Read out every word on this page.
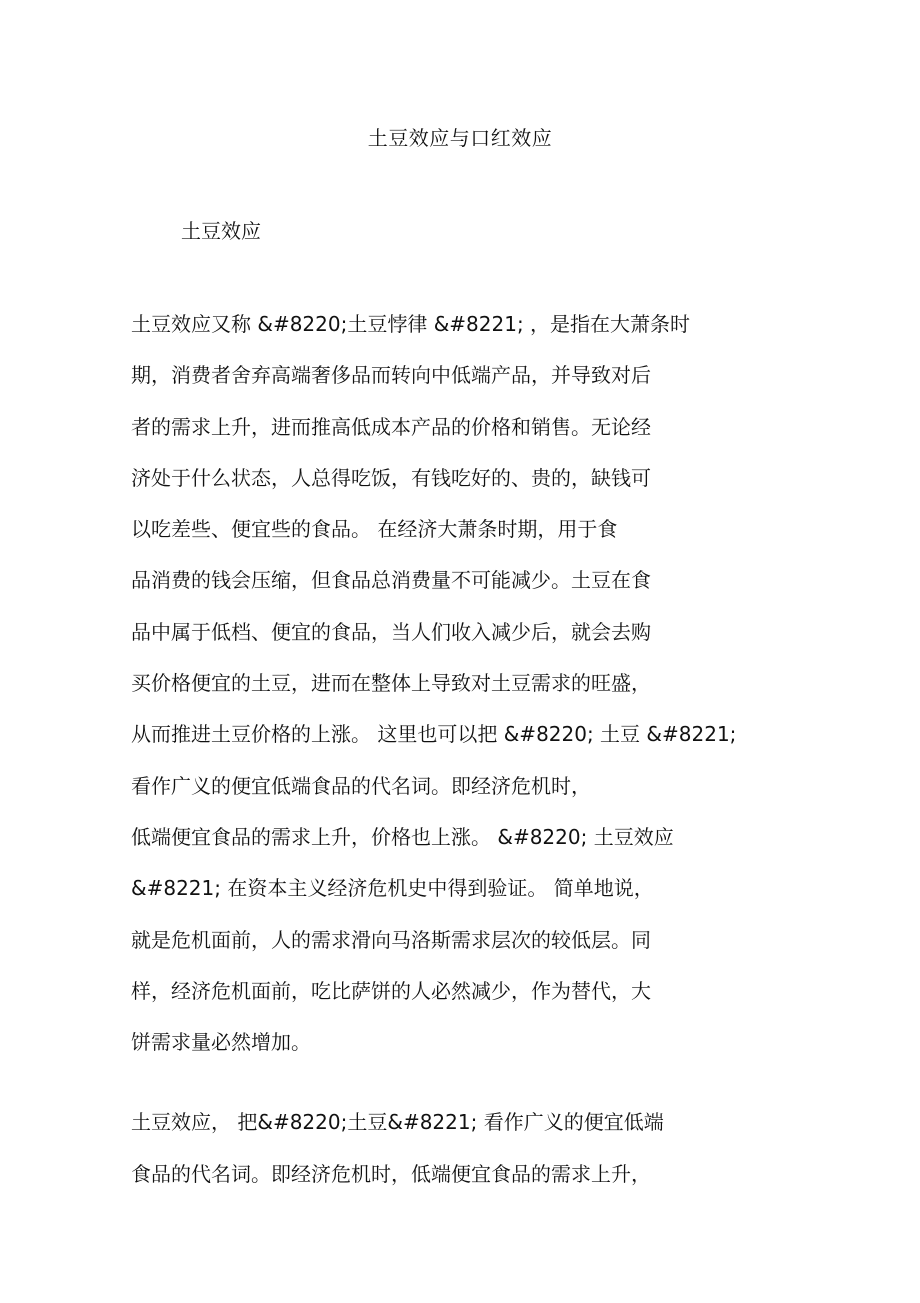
土豆效应与口红效应
土豆效应
土豆效应又称 &#8220;土豆悖律 &#8221; ，是指在大萧条时
期，消费者舍弃高端奢侈品而转向中低端产品，并导致对后
者的需求上升，进而推高低成本产品的价格和销售。无论经
济处于什么状态，人总得吃饭，有钱吃好的、贵的，缺钱可
以吃差些、便宜些的食品。 在经济大萧条时期，用于食
品消费的钱会压缩，但食品总消费量不可能减少。土豆在食
品中属于低档、便宜的食品，当人们收入减少后，就会去购
买价格便宜的土豆，进而在整体上导致对土豆需求的旺盛，
从而推进土豆价格的上涨。 这里也可以把 &#8220; 土豆 &#8221;
看作广义的便宜低端食品的代名词。即经济危机时，
低端便宜食品的需求上升，价格也上涨。 &#8220; 土豆效应
&#8221; 在资本主义经济危机史中得到验证。 简单地说，
就是危机面前，人的需求滑向马洛斯需求层次的较低层。同
样，经济危机面前，吃比萨饼的人必然减少，作为替代，大
饼需求量必然增加。
土豆效应， 把&#8220;土豆&#8221; 看作广义的便宜低端
食品的代名词。即经济危机时，低端便宜食品的需求上升，
